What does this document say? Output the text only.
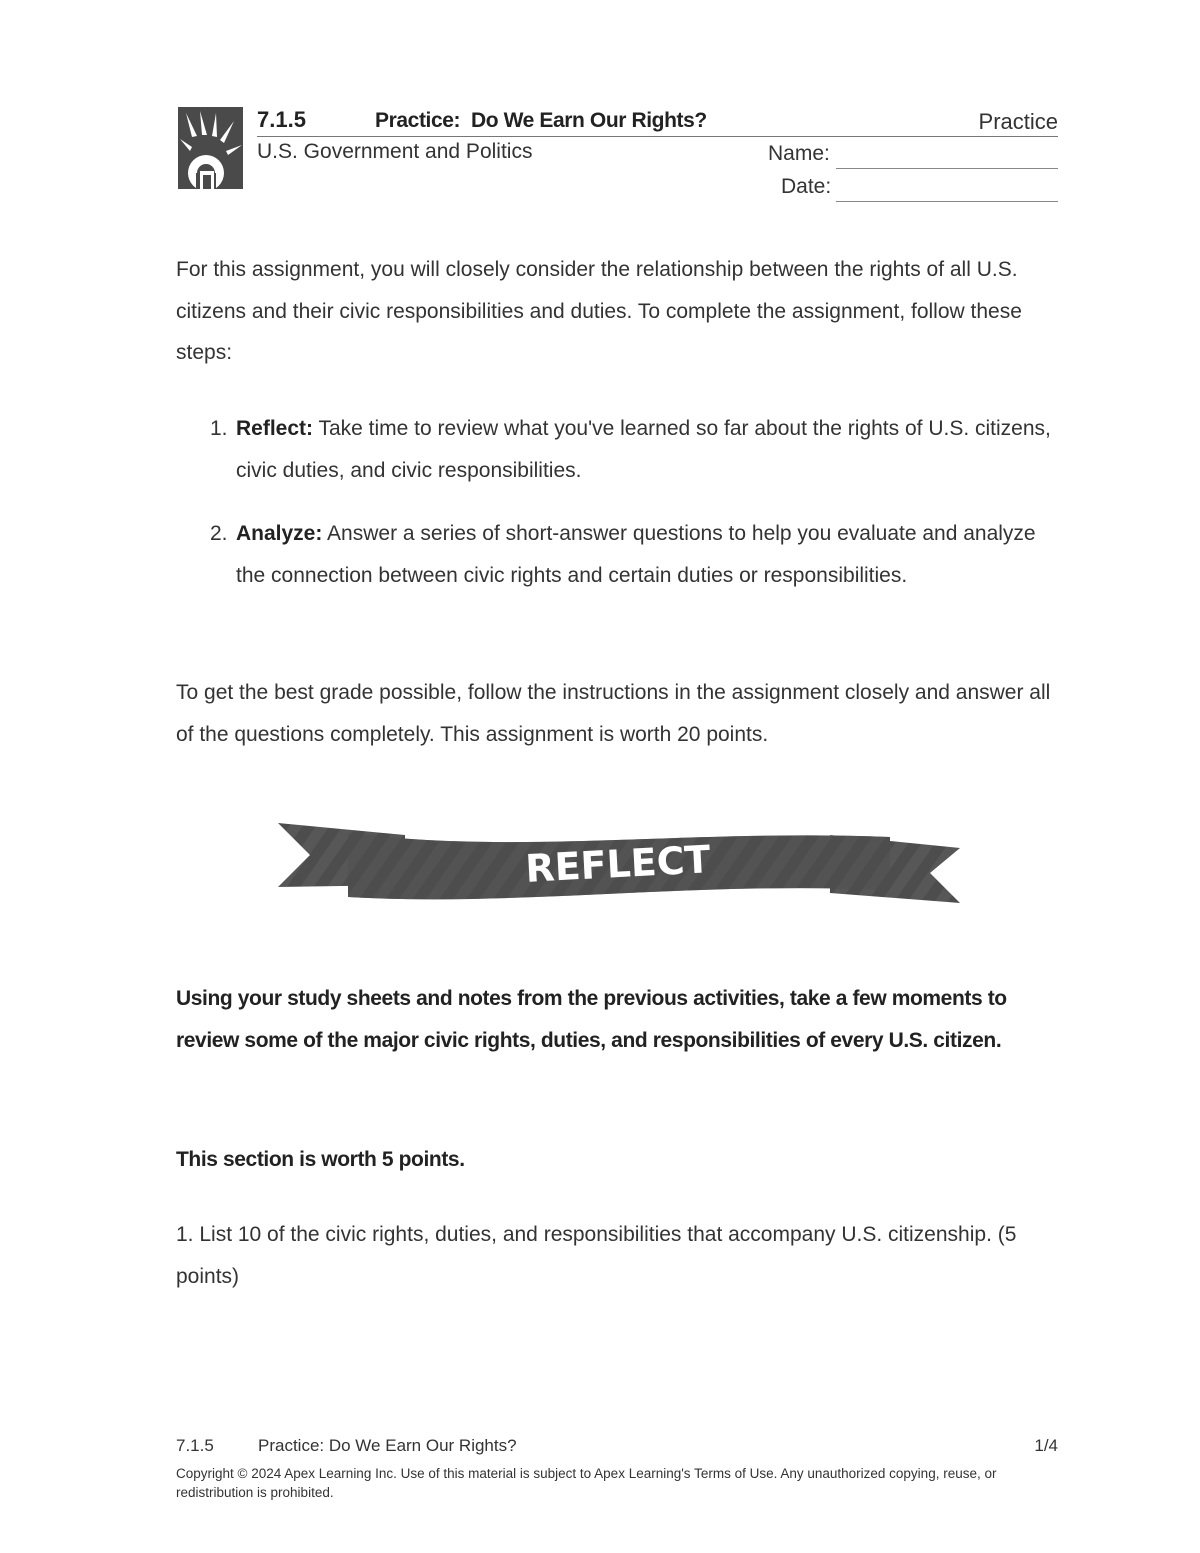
7.1.5	Practice:  Do We Earn Our Rights?	Practice
U.S. Government and Politics	Name:
Date:
For this assignment, you will closely consider the relationship between the rights of all U.S. citizens and their civic responsibilities and duties. To complete the assignment, follow these steps:
1. Reflect: Take time to review what you've learned so far about the rights of U.S. citizens, civic duties, and civic responsibilities.
2. Analyze: Answer a series of short-answer questions to help you evaluate and analyze the connection between civic rights and certain duties or responsibilities.
To get the best grade possible, follow the instructions in the assignment closely and answer all of the questions completely. This assignment is worth 20 points.
REFLECT
Using your study sheets and notes from the previous activities, take a few moments to review some of the major civic rights, duties, and responsibilities of every U.S. citizen.
This section is worth 5 points.
1. List 10 of the civic rights, duties, and responsibilities that accompany U.S. citizenship. (5 points)
7.1.5	Practice: Do We Earn Our Rights?	1/4
Copyright © 2024 Apex Learning Inc. Use of this material is subject to Apex Learning's Terms of Use. Any unauthorized copying, reuse, or redistribution is prohibited.
